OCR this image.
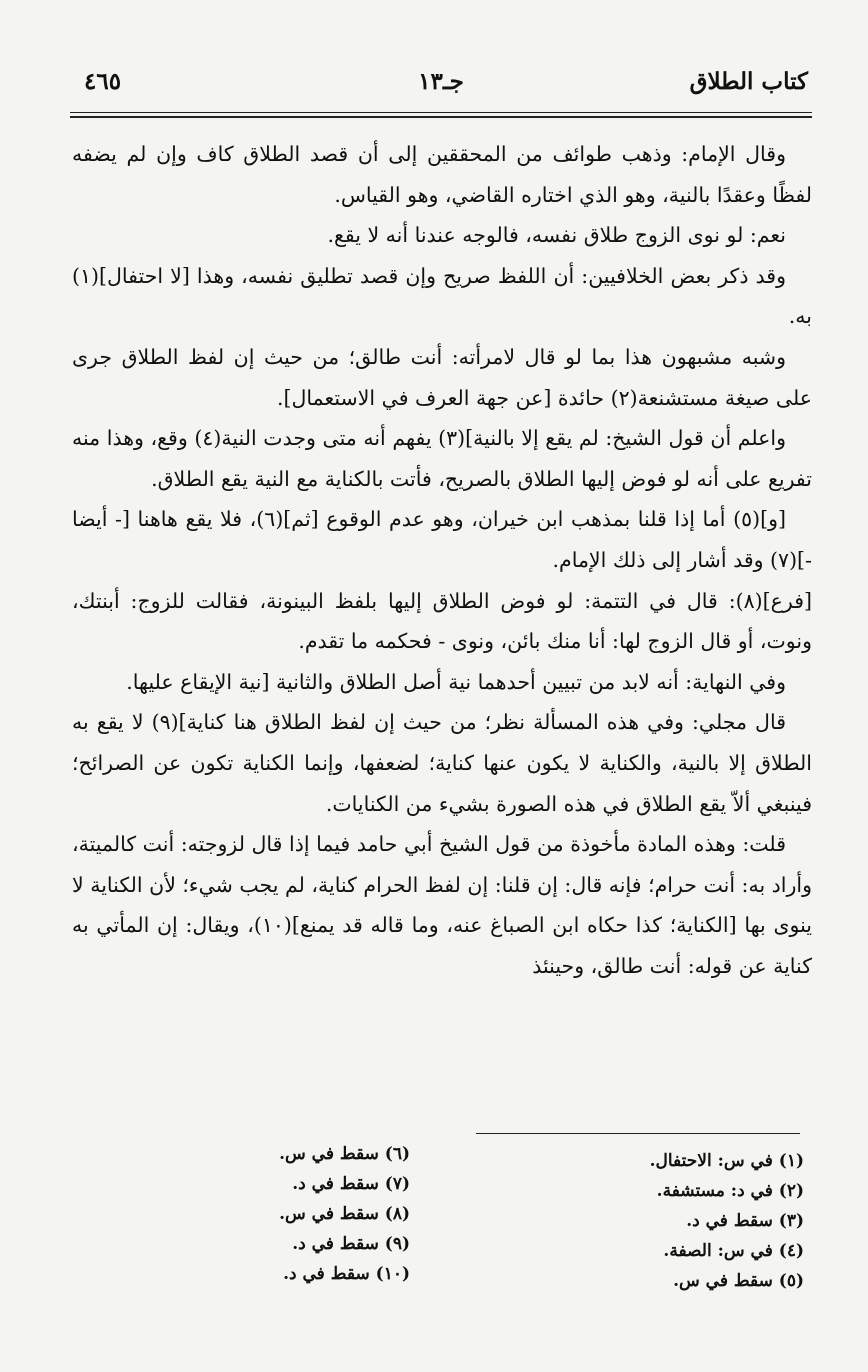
٤٦٥	جـ١٣	كتاب الطلاق

وقال الإمام: وذهب طوائف من المحققين إلى أن قصد الطلاق كاف وإن لم يضفه لفظًا وعقدًا بالنية، وهو الذي اختاره القاضي، وهو القياس.

نعم: لو نوى الزوج طلاق نفسه، فالوجه عندنا أنه لا يقع.

وقد ذكر بعض الخلافيين: أن اللفظ صريح وإن قصد تطليق نفسه، وهذا [لا احتفال](١) به.

وشبه مشبهون هذا بما لو قال لامرأته: أنت طالق؛ من حيث إن لفظ الطلاق جرى على صيغة مستشنعة(٢) حائدة [عن جهة العرف في الاستعمال].

واعلم أن قول الشيخ: لم يقع إلا بالنية](٣) يفهم أنه متى وجدت النية(٤) وقع، وهذا منه تفريع على أنه لو فوض إليها الطلاق بالصريح، فأتت بالكناية مع النية يقع الطلاق.

[و](٥) أما إذا قلنا بمذهب ابن خيران، وهو عدم الوقوع [ثم](٦)، فلا يقع هاهنا [- أيضا -](٧) وقد أشار إلى ذلك الإمام.

[فرع](٨): قال في التتمة: لو فوض الطلاق إليها بلفظ البينونة، فقالت للزوج: أبنتك، ونوت، أو قال الزوج لها: أنا منك بائن، ونوى - فحكمه ما تقدم.

وفي النهاية: أنه لابد من تبيين أحدهما نية أصل الطلاق والثانية [نية الإيقاع عليها.

قال مجلي: وفي هذه المسألة نظر؛ من حيث إن لفظ الطلاق هنا كناية](٩) لا يقع به الطلاق إلا بالنية، والكناية لا يكون عنها كناية؛ لضعفها، وإنما الكناية تكون عن الصرائح؛ فينبغي ألاّ يقع الطلاق في هذه الصورة بشيء من الكنايات.

قلت: وهذه المادة مأخوذة من قول الشيخ أبي حامد فيما إذا قال لزوجته: أنت كالميتة، وأراد به: أنت حرام؛ فإنه قال: إن قلنا: إن لفظ الحرام كناية، لم يجب شيء؛ لأن الكناية لا ينوى بها [الكناية؛ كذا حكاه ابن الصباغ عنه، وما قاله قد يمنع](١٠)، ويقال: إن المأتي به كناية عن قوله: أنت طالق، وحينئذ

(١) في س: الاحتفال.
(٢) في د: مستشفة.
(٣) سقط في د.
(٤) في س: الصفة.
(٥) سقط في س.
(٦) سقط في س.
(٧) سقط في د.
(٨) سقط في س.
(٩) سقط في د.
(١٠) سقط في د.
